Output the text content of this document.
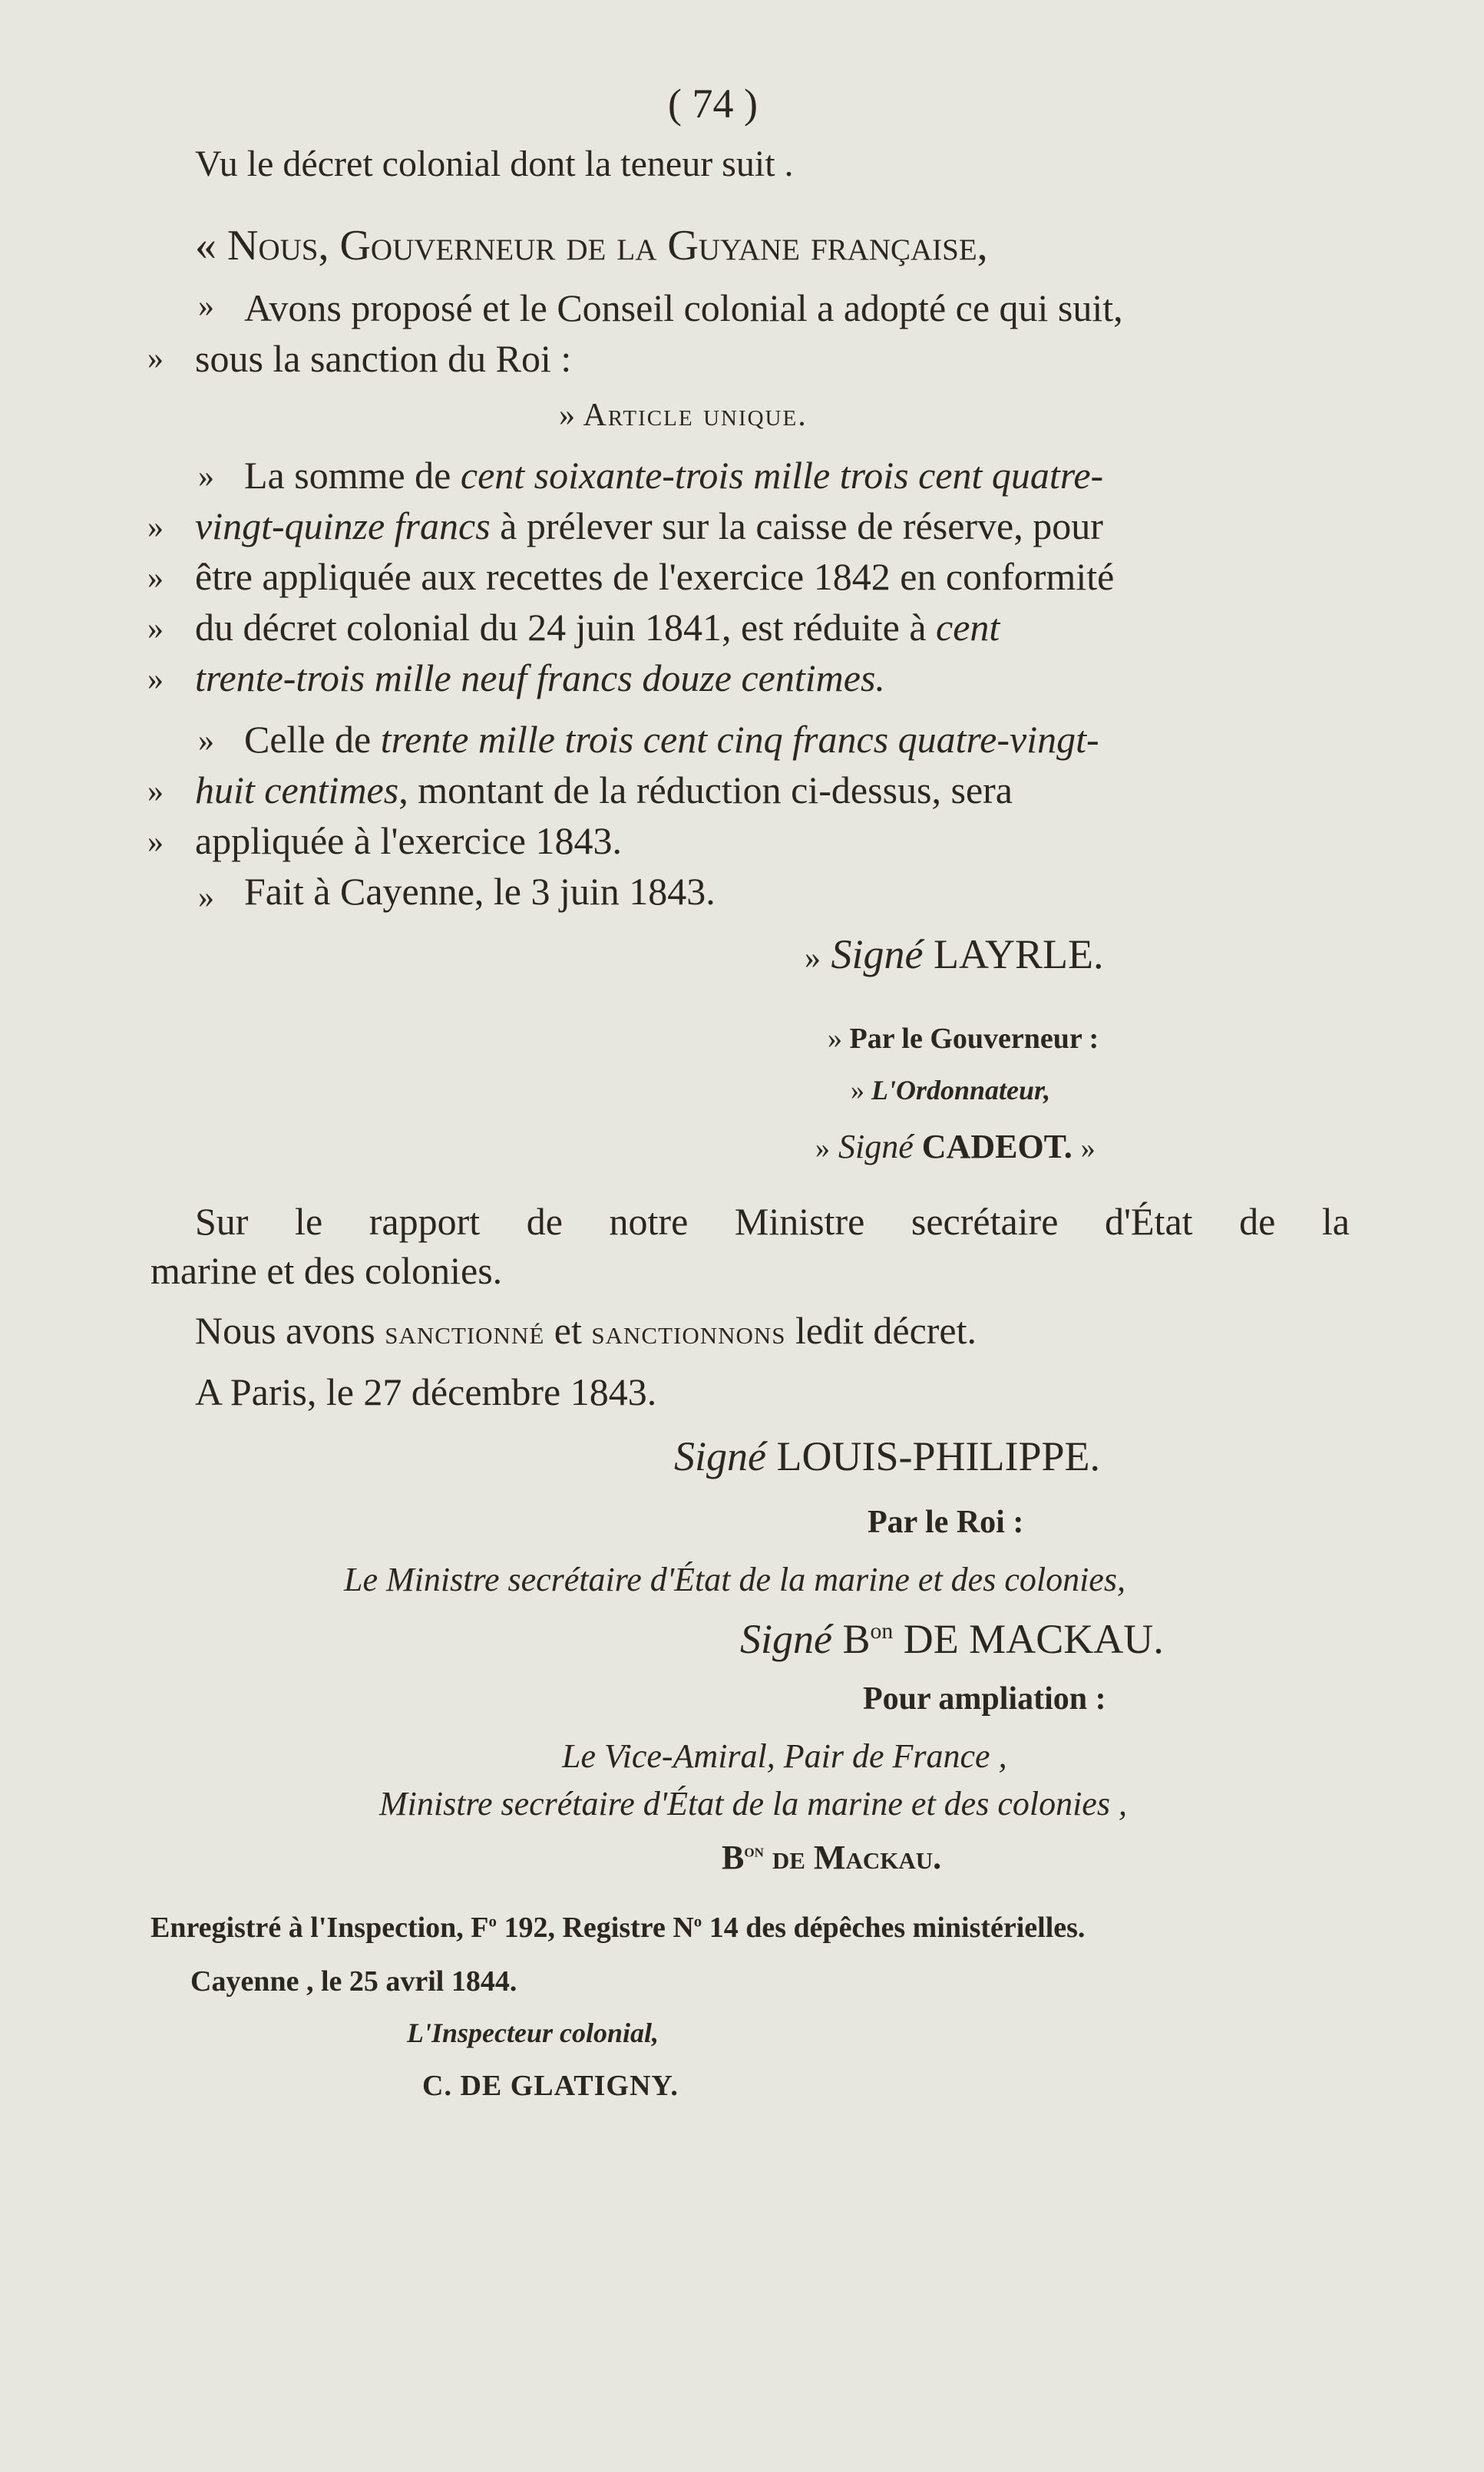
( 74 )
Vu le décret colonial dont la teneur suit .
« Nous, Gouverneur de la Guyane française,
» Avons proposé et le Conseil colonial a adopté ce qui suit,
» sous la sanction du Roi :
» Article unique.
» La somme de cent soixante-trois mille trois cent quatre-
» vingt-quinze francs à prélever sur la caisse de réserve, pour
» être appliquée aux recettes de l'exercice 1842 en conformité
» du décret colonial du 24 juin 1841, est réduite à cent
» trente-trois mille neuf francs douze centimes.
» Celle de trente mille trois cent cinq francs quatre-vingt-
» huit centimes, montant de la réduction ci-dessus, sera
» appliquée à l'exercice 1843.
» Fait à Cayenne, le 3 juin 1843.
» Signé LAYRLE.
» Par le Gouverneur :
» L'Ordonnateur,
» Signé CADEOT. »
Sur le rapport de notre Ministre secrétaire d'État de la
marine et des colonies.
Nous avons sanctionné et sanctionnons ledit décret.
A Paris, le 27 décembre 1843.
Signé LOUIS-PHILIPPE.
Par le Roi :
Le Ministre secrétaire d'État de la marine et des colonies,
Signé $B^{on}$ DE MACKAU.
Pour ampliation :
Le Vice-Amiral, Pair de France ,
Ministre secrétaire d'État de la marine et des colonies ,
$B^{on}$ de Mackau.
Enregistré à l'Inspection, $F^o$ 192, Registre $N^o$ 14 des dépêches ministérielles.
Cayenne , le 25 avril 1844.
L'Inspecteur colonial,
C. DE GLATIGNY.
